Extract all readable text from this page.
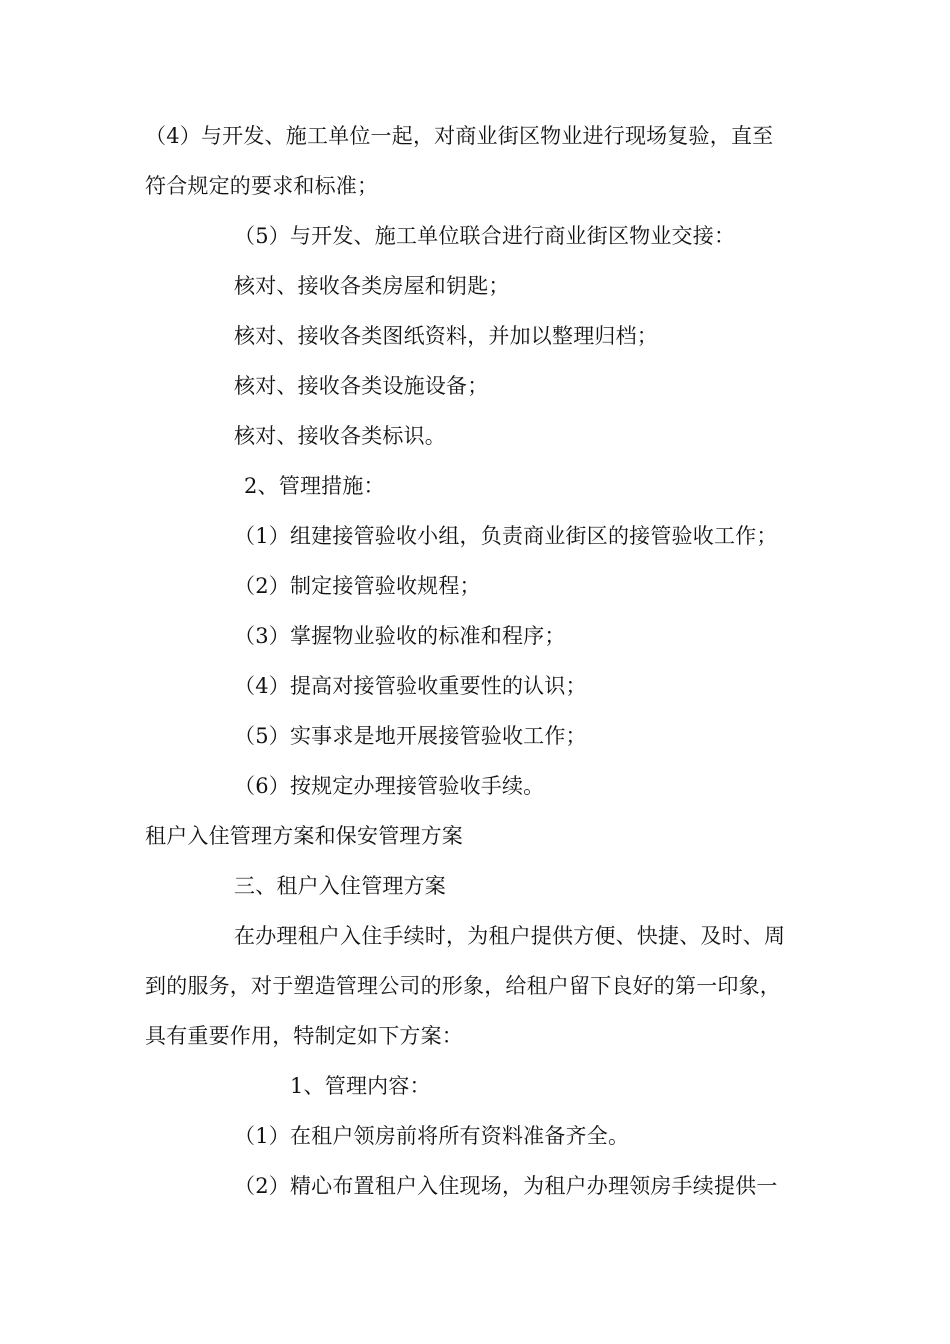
（4）与开发、施工单位一起，对商业街区物业进行现场复验，直至
符合规定的要求和标准；
（5）与开发、施工单位联合进行商业街区物业交接：
核对、接收各类房屋和钥匙；
核对、接收各类图纸资料，并加以整理归档；
核对、接收各类设施设备；
核对、接收各类标识。
2、管理措施：
（1）组建接管验收小组，负责商业街区的接管验收工作；
（2）制定接管验收规程；
（3）掌握物业验收的标准和程序；
（4）提高对接管验收重要性的认识；
（5）实事求是地开展接管验收工作；
（6）按规定办理接管验收手续。
租户入住管理方案和保安管理方案
三、租户入住管理方案
在办理租户入住手续时，为租户提供方便、快捷、及时、周
到的服务，对于塑造管理公司的形象，给租户留下良好的第一印象，
具有重要作用，特制定如下方案：
1、管理内容：
（1）在租户领房前将所有资料准备齐全。
（2）精心布置租户入住现场，为租户办理领房手续提供一
